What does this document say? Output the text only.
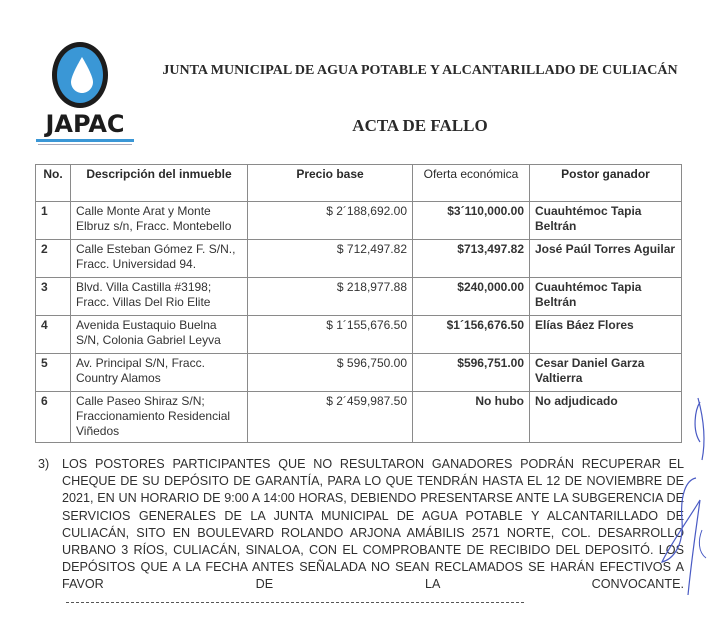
JAPAC
JUNTA MUNICIPAL DE AGUA POTABLE Y ALCANTARILLADO DE CULIACÁN
ACTA DE FALLO
No.	Descripción del inmueble	Precio base	Oferta económica	Postor ganador
1	Calle Monte Arat y Monte Elbruz s/n, Fracc. Montebello	$ 2´188,692.00	$3´110,000.00	Cuauhtémoc Tapia Beltrán
2	Calle Esteban Gómez F. S/N., Fracc. Universidad 94.	$ 712,497.82	$713,497.82	José Paúl Torres Aguilar
3	Blvd. Villa Castilla #3198; Fracc. Villas Del Rio Elite	$ 218,977.88	$240,000.00	Cuauhtémoc Tapia Beltrán
4	Avenida Eustaquio Buelna S/N, Colonia Gabriel Leyva	$ 1´155,676.50	$1´156,676.50	Elías Báez Flores
5	Av. Principal S/N, Fracc. Country Alamos	$ 596,750.00	$596,751.00	Cesar Daniel Garza Valtierra
6	Calle Paseo Shiraz S/N; Fraccionamiento Residencial Viñedos	$ 2´459,987.50	No hubo	No adjudicado
3) LOS POSTORES PARTICIPANTES QUE NO RESULTARON GANADORES PODRÁN RECUPERAR EL CHEQUE DE SU DEPÓSITO DE GARANTÍA, PARA LO QUE TENDRÁN HASTA EL 12 DE NOVIEMBRE DE 2021, EN UN HORARIO DE 9:00 A 14:00 HORAS, DEBIENDO PRESENTARSE ANTE LA SUBGERENCIA DE SERVICIOS GENERALES DE LA JUNTA MUNICIPAL DE AGUA POTABLE Y ALCANTARILLADO DE CULIACÁN, SITO EN BOULEVARD ROLANDO ARJONA AMÁBILIS 2571 NORTE, COL. DESARROLLO URBANO 3 RÍOS, CULIACÁN, SINALOA, CON EL COMPROBANTE DE RECIBIDO DEL DEPOSITÓ. LOS DEPÓSITOS QUE A LA FECHA ANTES SEÑALADA NO SEAN RECLAMADOS SE HARÁN EFECTIVOS A FAVOR DE LA CONVOCANTE.
